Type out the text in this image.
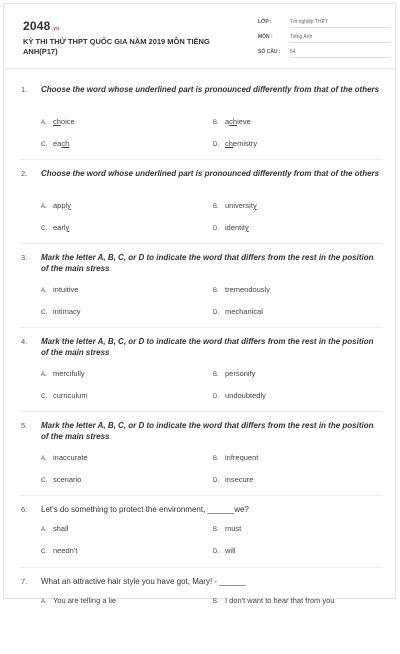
2048.vn
KỲ THI THỬ THPT QUỐC GIA NĂM 2019 MÔN TIẾNG ANH(P17)
LỚP :	Tốt nghiệp THPT
MÔN :	Tiếng Anh
SỐ CÂU :	64
1. Choose the word whose underlined part is pronounced differently from that of the others
A. choice	B. achieve
C. each	D. chemistry
2. Choose the word whose underlined part is pronounced differently from that of the others
A. apply	B. university
C. early	D. identity
3. Mark the letter A, B, C, or D to indicate the word that differs from the rest in the position of the main stress
A. intuitive	B. tremendously
C. intimacy	D. mechanical
4. Mark the letter A, B, C, or D to indicate the word that differs from the rest in the position of the main stress
A. mercifully	B. personify
C. curriculum	D. undoubtedly
5. Mark the letter A, B, C, or D to indicate the word that differs from the rest in the position of the main stress
A. inaccurate	B. infrequent
C. scenario	D. insecure
6. Let's do something to protect the environment, ______we?
A. shall	B. must
C. needn't	D. will
7. What an attractive hair style you have got, Mary! - ______
A. You are telling a lie	B. I don't want to hear that from you
